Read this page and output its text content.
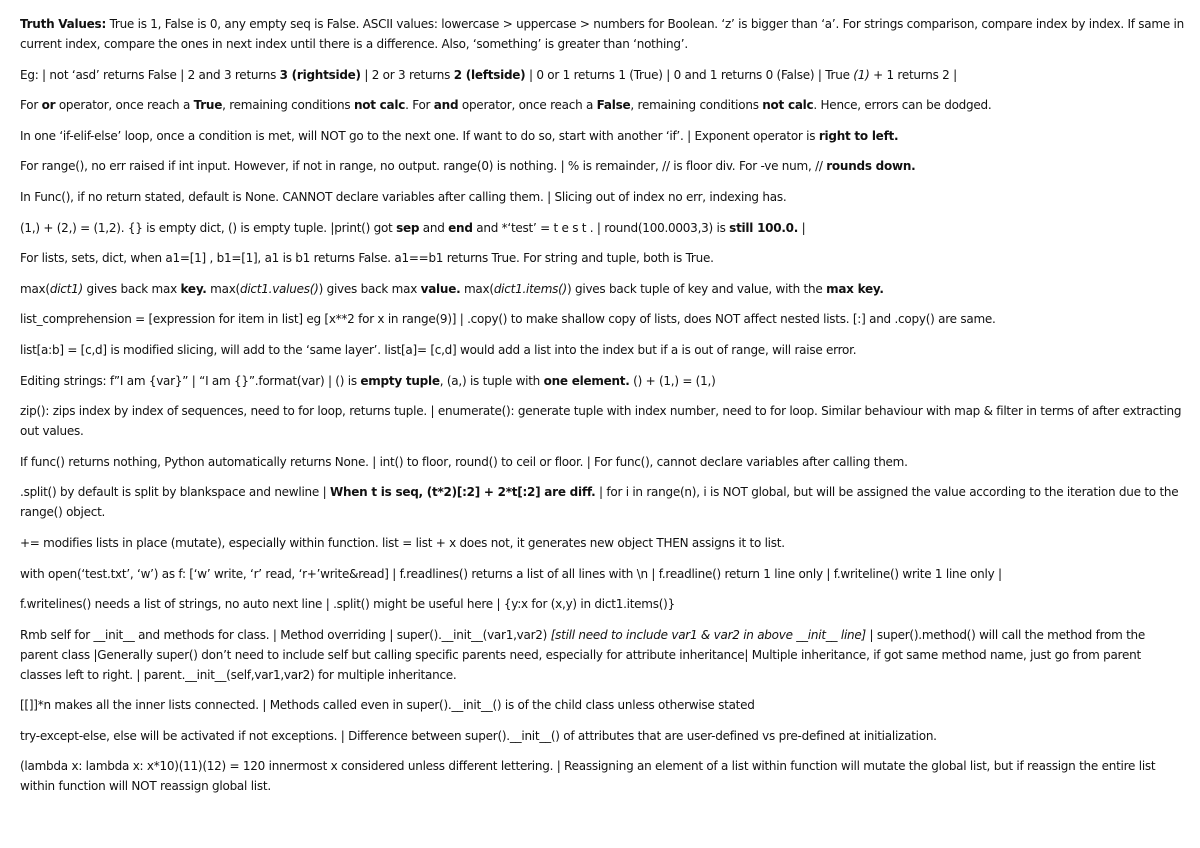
Truth Values: True is 1, False is 0, any empty seq is False. ASCII values: lowercase > uppercase > numbers for Boolean. ‘z’ is bigger than ‘a’. For strings comparison, compare index by index. If same in current index, compare the ones in next index until there is a difference. Also, ‘something’ is greater than ‘nothing’.

Eg: | not ‘asd’ returns False | 2 and 3 returns 3 (rightside) | 2 or 3 returns 2 (leftside) | 0 or 1 returns 1 (True) | 0 and 1 returns 0 (False) | True (1) + 1 returns 2 |

For or operator, once reach a True, remaining conditions not calc. For and operator, once reach a False, remaining conditions not calc. Hence, errors can be dodged.

In one ‘if-elif-else’ loop, once a condition is met, will NOT go to the next one. If want to do so, start with another ‘if’. | Exponent operator is right to left.

For range(), no err raised if int input. However, if not in range, no output. range(0) is nothing. | % is remainder, // is floor div. For -ve num, // rounds down.

In Func(), if no return stated, default is None. CANNOT declare variables after calling them. | Slicing out of index no err, indexing has.

(1,) + (2,) = (1,2). {} is empty dict, () is empty tuple. |print() got sep and end and *‘test’ = t e s t . | round(100.0003,3) is still 100.0. |

For lists, sets, dict, when a1=[1] , b1=[1], a1 is b1 returns False. a1==b1 returns True. For string and tuple, both is True.

max(dict1) gives back max key. max(dict1.values()) gives back max value. max(dict1.items()) gives back tuple of key and value, with the max key.

list_comprehension = [expression for item in list] eg [x**2 for x in range(9)] | .copy() to make shallow copy of lists, does NOT affect nested lists. [:] and .copy() are same.

list[a:b] = [c,d] is modified slicing, will add to the ‘same layer’. list[a]= [c,d] would add a list into the index but if a is out of range, will raise error.

Editing strings: f”I am {var}” | “I am {}”.format(var) | () is empty tuple, (a,) is tuple with one element. () + (1,) = (1,)

zip(): zips index by index of sequences, need to for loop, returns tuple. | enumerate(): generate tuple with index number, need to for loop. Similar behaviour with map & filter in terms of after extracting out values.

If func() returns nothing, Python automatically returns None. | int() to floor, round() to ceil or floor. | For func(), cannot declare variables after calling them.

.split() by default is split by blankspace and newline | When t is seq, (t*2)[:2] + 2*t[:2] are diff. | for i in range(n), i is NOT global, but will be assigned the value according to the iteration due to the range() object.

+= modifies lists in place (mutate), especially within function. list = list + x does not, it generates new object THEN assigns it to list.

with open(‘test.txt’, ‘w’) as f: [‘w’ write, ‘r’ read, ‘r+’write&read] | f.readlines() returns a list of all lines with \n | f.readline() return 1 line only | f.writeline() write 1 line only |

f.writelines() needs a list of strings, no auto next line | .split() might be useful here | {y:x for (x,y) in dict1.items()}

Rmb self for __init__ and methods for class. | Method overriding | super().__init__(var1,var2) [still need to include var1 & var2 in above __init__ line] | super().method() will call the method from the parent class |Generally super() don’t need to include self but calling specific parents need, especially for attribute inheritance| Multiple inheritance, if got same method name, just go from parent classes left to right. | parent.__init__(self,var1,var2) for multiple inheritance.

[[]]*n makes all the inner lists connected. | Methods called even in super().__init__() is of the child class unless otherwise stated

try-except-else, else will be activated if not exceptions. | Difference between super().__init__() of attributes that are user-defined vs pre-defined at initialization.

(lambda x: lambda x: x*10)(11)(12) = 120 innermost x considered unless different lettering. | Reassigning an element of a list within function will mutate the global list, but if reassign the entire list within function will NOT reassign global list.
